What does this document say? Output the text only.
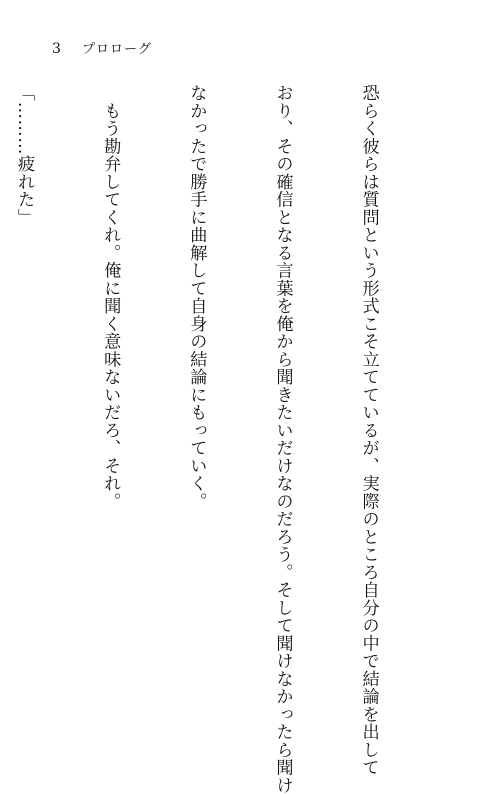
3	プロローグ

恐らく彼らは質問という形式こそ立てているが、実際のところ自分の中で結論を出して

おり、その確信となる言葉を俺から聞きたいだけなのだろう。そして聞けなかったら聞け

なかったで勝手に曲解して自身の結論にもっていく。

　もう勘弁してくれ。俺に聞く意味ないだろ、それ。

「………疲れた」
